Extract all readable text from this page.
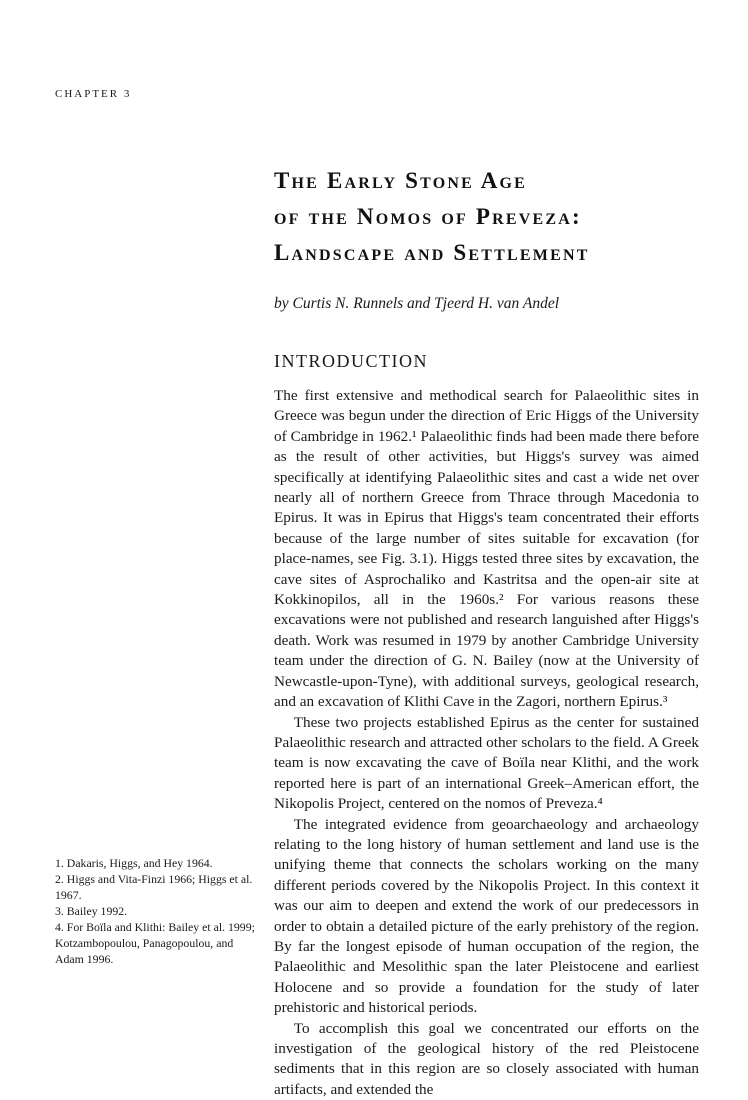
CHAPTER 3
The Early Stone Age
of the Nomos of Preveza:
Landscape and Settlement

by Curtis N. Runnels and Tjeerd H. van Andel

INTRODUCTION

The first extensive and methodical search for Palaeolithic sites in Greece was begun under the direction of Eric Higgs of the University of Cambridge in 1962.¹ Palaeolithic finds had been made there before as the result of other activities, but Higgs's survey was aimed specifically at identifying Palaeolithic sites and cast a wide net over nearly all of northern Greece from Thrace through Macedonia to Epirus. It was in Epirus that Higgs's team concentrated their efforts because of the large number of sites suitable for excavation (for place-names, see Fig. 3.1). Higgs tested three sites by excavation, the cave sites of Asprochaliko and Kastritsa and the open-air site at Kokkinopilos, all in the 1960s.² For various reasons these excavations were not published and research languished after Higgs's death. Work was resumed in 1979 by another Cambridge University team under the direction of G. N. Bailey (now at the University of Newcastle-upon-Tyne), with additional surveys, geological research, and an excavation of Klithi Cave in the Zagori, northern Epirus.³

These two projects established Epirus as the center for sustained Palaeolithic research and attracted other scholars to the field. A Greek team is now excavating the cave of Boïla near Klithi, and the work reported here is part of an international Greek–American effort, the Nikopolis Project, centered on the nomos of Preveza.⁴

The integrated evidence from geoarchaeology and archaeology relating to the long history of human settlement and land use is the unifying theme that connects the scholars working on the many different periods covered by the Nikopolis Project. In this context it was our aim to deepen and extend the work of our predecessors in order to obtain a detailed picture of the early prehistory of the region. By far the longest episode of human occupation of the region, the Palaeolithic and Mesolithic span the later Pleistocene and earliest Holocene and so provide a foundation for the study of later prehistoric and historical periods.

To accomplish this goal we concentrated our efforts on the investigation of the geological history of the red Pleistocene sediments that in this region are so closely associated with human artifacts, and extended the

1. Dakaris, Higgs, and Hey 1964.
2. Higgs and Vita-Finzi 1966; Higgs et al. 1967.
3. Bailey 1992.
4. For Boïla and Klithi: Bailey et al. 1999; Kotzambopoulou, Panagopoulou, and Adam 1996.
